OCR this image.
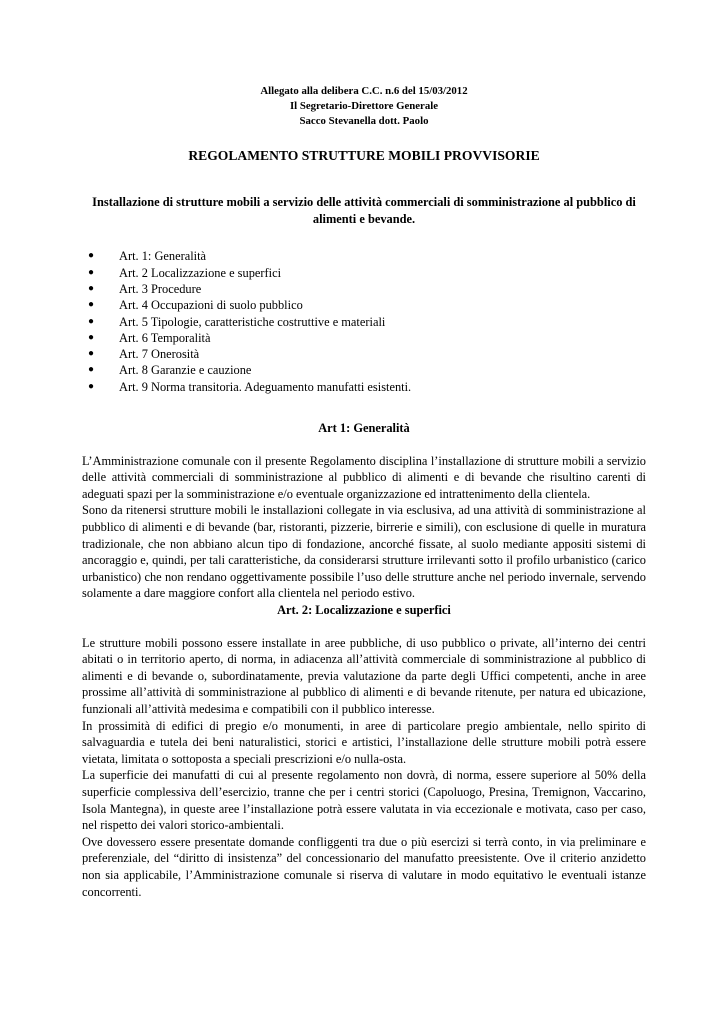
Allegato alla delibera C.C. n.6 del 15/03/2012
Il Segretario-Direttore Generale
Sacco Stevanella dott. Paolo
REGOLAMENTO STRUTTURE MOBILI PROVVISORIE
Installazione di strutture mobili a servizio delle attività commerciali di somministrazione al pubblico di alimenti e bevande.
● Art. 1: Generalità
● Art. 2 Localizzazione e superfici
● Art. 3 Procedure
● Art. 4 Occupazioni di suolo pubblico
● Art. 5 Tipologie, caratteristiche costruttive e materiali
● Art. 6 Temporalità
● Art. 7 Onerosità
● Art. 8 Garanzie e cauzione
● Art. 9 Norma transitoria. Adeguamento manufatti esistenti.
Art 1: Generalità

L’Amministrazione comunale con il presente Regolamento disciplina l’installazione di strutture mobili a servizio delle attività commerciali di somministrazione al pubblico di alimenti e di bevande che risultino carenti di adeguati spazi per la somministrazione e/o eventuale organizzazione ed intrattenimento della clientela.

Sono da ritenersi strutture mobili le installazioni collegate in via esclusiva, ad una attività di somministrazione al pubblico di alimenti e di bevande (bar, ristoranti, pizzerie, birrerie e simili), con esclusione di quelle in muratura tradizionale, che non abbiano alcun tipo di fondazione, ancorché fissate, al suolo mediante appositi sistemi di ancoraggio e, quindi, per tali caratteristiche, da considerarsi strutture irrilevanti sotto il profilo urbanistico (carico urbanistico) che non rendano oggettivamente possibile l’uso delle strutture anche nel periodo invernale, servendo solamente a dare maggiore confort alla clientela nel periodo estivo.

Art. 2: Localizzazione e superfici

Le strutture mobili possono essere installate in aree pubbliche, di uso pubblico o private, all’interno dei centri abitati o in territorio aperto, di norma, in adiacenza all’attività commerciale di somministrazione al pubblico di alimenti e di bevande o, subordinatamente, previa valutazione da parte degli Uffici competenti, anche in aree prossime all’attività di somministrazione al pubblico di alimenti e di bevande ritenute, per natura ed ubicazione, funzionali all’attività medesima e compatibili con il pubblico interesse.

In prossimità di edifici di pregio e/o monumenti, in aree di particolare pregio ambientale, nello spirito di salvaguardia e tutela dei beni naturalistici, storici e artistici, l’installazione delle strutture mobili potrà essere vietata, limitata o sottoposta a speciali prescrizioni e/o nulla-osta.

La superficie dei manufatti di cui al presente regolamento non dovrà, di norma, essere superiore al 50% della superficie complessiva dell’esercizio, tranne che per i centri storici (Capoluogo, Presina, Tremignon, Vaccarino, Isola Mantegna), in queste aree l’installazione potrà essere valutata in via eccezionale e motivata, caso per caso, nel rispetto dei valori storico-ambientali.

Ove dovessero essere presentate domande confliggenti tra due o più esercizi si terrà conto, in via preliminare e preferenziale, del “diritto di insistenza” del concessionario del manufatto preesistente. Ove il criterio anzidetto non sia applicabile, l’Amministrazione comunale si riserva di valutare in modo equitativo le eventuali istanze concorrenti.
